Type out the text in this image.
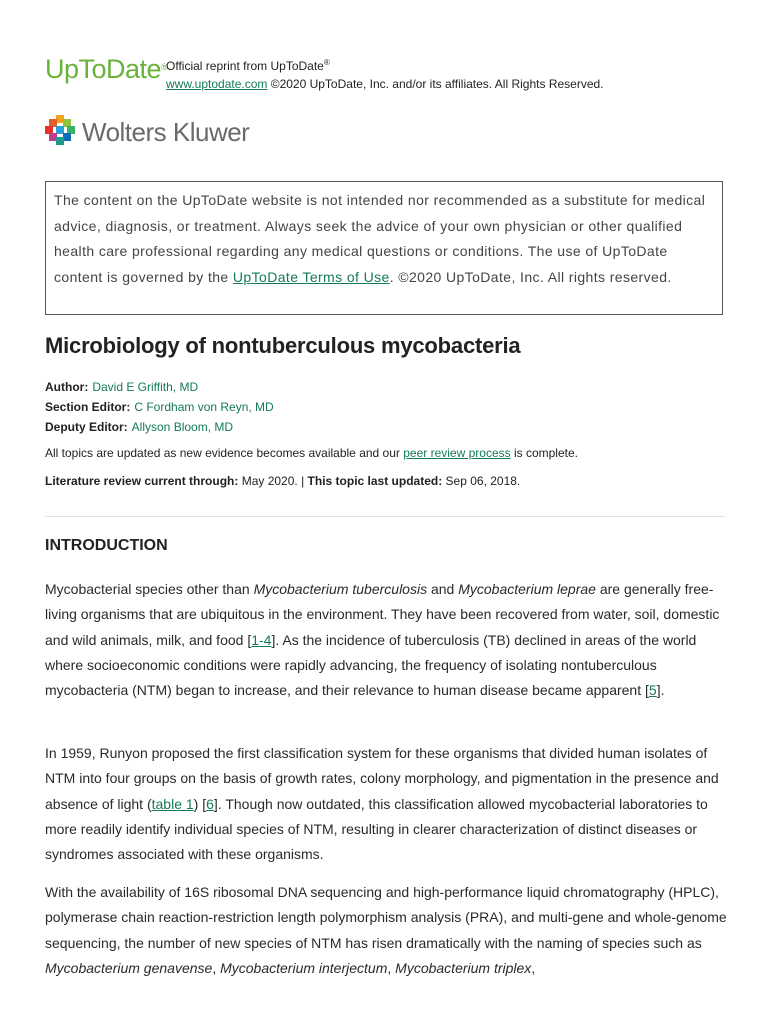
UpToDate®
Official reprint from UpToDate®
www.uptodate.com ©2020 UpToDate, Inc. and/or its affiliates. All Rights Reserved.
Wolters Kluwer
The content on the UpToDate website is not intended nor recommended as a substitute for medical advice, diagnosis, or treatment. Always seek the advice of your own physician or other qualified health care professional regarding any medical questions or conditions. The use of UpToDate content is governed by the UpToDate Terms of Use. ©2020 UpToDate, Inc. All rights reserved.
Microbiology of nontuberculous mycobacteria
Author: David E Griffith, MD
Section Editor: C Fordham von Reyn, MD
Deputy Editor: Allyson Bloom, MD
All topics are updated as new evidence becomes available and our peer review process is complete.
Literature review current through: May 2020. | This topic last updated: Sep 06, 2018.
INTRODUCTION

Mycobacterial species other than Mycobacterium tuberculosis and Mycobacterium leprae are generally free-living organisms that are ubiquitous in the environment. They have been recovered from water, soil, domestic and wild animals, milk, and food [1-4]. As the incidence of tuberculosis (TB) declined in areas of the world where socioeconomic conditions were rapidly advancing, the frequency of isolating nontuberculous mycobacteria (NTM) began to increase, and their relevance to human disease became apparent [5].

In 1959, Runyon proposed the first classification system for these organisms that divided human isolates of NTM into four groups on the basis of growth rates, colony morphology, and pigmentation in the presence and absence of light (table 1) [6]. Though now outdated, this classification allowed mycobacterial laboratories to more readily identify individual species of NTM, resulting in clearer characterization of distinct diseases or syndromes associated with these organisms.

With the availability of 16S ribosomal DNA sequencing and high-performance liquid chromatography (HPLC), polymerase chain reaction-restriction length polymorphism analysis (PRA), and multi-gene and whole-genome sequencing, the number of new species of NTM has risen dramatically with the naming of species such as Mycobacterium genavense, Mycobacterium interjectum, Mycobacterium triplex,
